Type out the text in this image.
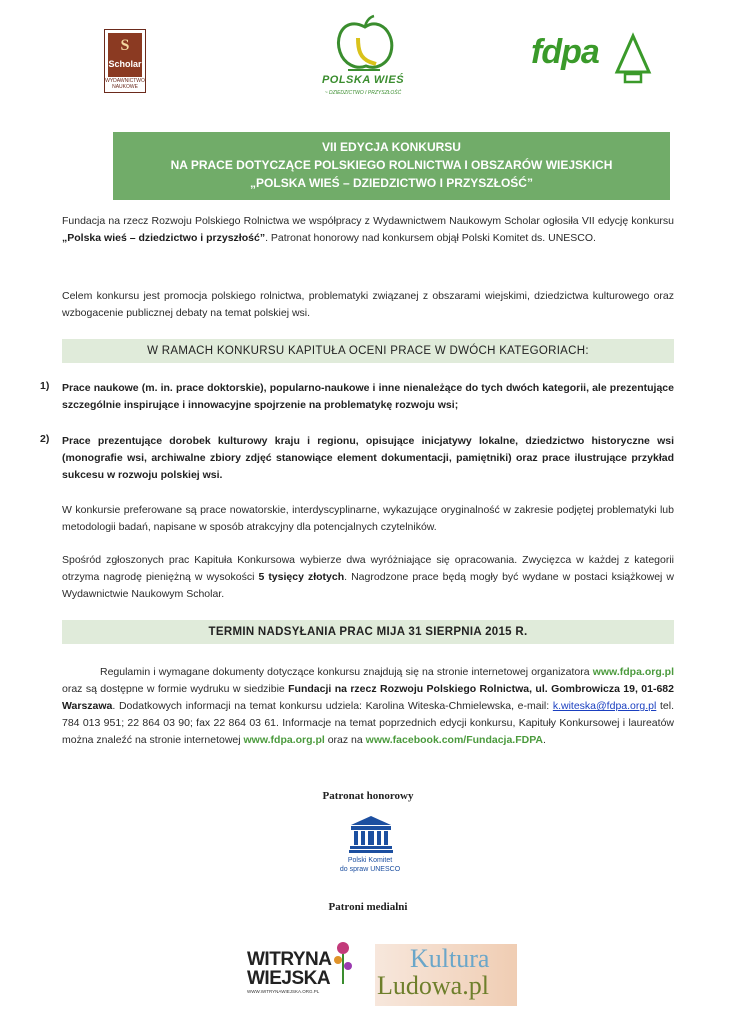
S
Scholar
WYDAWNICTWO NAUKOWE
POLSKA WIEŚ
~ DZIEDZICTWO I PRZYSZŁOŚĆ
fdpa
VII EDYCJA KONKURSU
NA PRACE DOTYCZĄCE POLSKIEGO ROLNICTWA I OBSZARÓW WIEJSKICH
„POLSKA WIEŚ – DZIEDZICTWO I PRZYSZŁOŚĆ”
Fundacja na rzecz Rozwoju Polskiego Rolnictwa we współpracy z Wydawnictwem Naukowym Scholar ogłosiła VII edycję konkursu „Polska wieś – dziedzictwo i przyszłość”. Patronat honorowy nad konkursem objął Polski Komitet ds. UNESCO.
Celem konkursu jest promocja polskiego rolnictwa, problematyki związanej z obszarami wiejskimi, dziedzictwa kulturowego oraz wzbogacenie publicznej debaty na temat polskiej wsi.
W RAMACH KONKURSU KAPITUŁA OCENI PRACE W DWÓCH KATEGORIACH:
1) Prace naukowe (m. in. prace doktorskie), popularno-naukowe i inne nienależące do tych dwóch kategorii, ale prezentujące szczególnie inspirujące i innowacyjne spojrzenie na problematykę rozwoju wsi;
2) Prace prezentujące dorobek kulturowy kraju i regionu, opisujące inicjatywy lokalne, dziedzictwo historyczne wsi (monografie wsi, archiwalne zbiory zdjęć stanowiące element dokumentacji, pamiętniki) oraz prace ilustrujące przykład sukcesu w rozwoju polskiej wsi.
W konkursie preferowane są prace nowatorskie, interdyscyplinarne, wykazujące oryginalność w zakresie podjętej problematyki lub metodologii badań, napisane w sposób atrakcyjny dla potencjalnych czytelników.
Spośród zgłoszonych prac Kapituła Konkursowa wybierze dwa wyróżniające się opracowania. Zwycięzca w każdej z kategorii otrzyma nagrodę pieniężną w wysokości 5 tysięcy złotych. Nagrodzone prace będą mogły być wydane w postaci książkowej w Wydawnictwie Naukowym Scholar.
TERMIN NADSYŁANIA PRAC MIJA 31 SIERPNIA 2015 R.
Regulamin i wymagane dokumenty dotyczące konkursu znajdują się na stronie internetowej organizatora www.fdpa.org.pl oraz są dostępne w formie wydruku w siedzibie Fundacji na rzecz Rozwoju Polskiego Rolnictwa, ul. Gombrowicza 19, 01-682 Warszawa. Dodatkowych informacji na temat konkursu udziela: Karolina Witeska-Chmielewska, e-mail: k.witeska@fdpa.org.pl tel. 784 013 951; 22 864 03 90; fax 22 864 03 61. Informacje na temat poprzednich edycji konkursu, Kapituły Konkursowej i laureatów można znaleźć na stronie internetowej www.fdpa.org.pl oraz na www.facebook.com/Fundacja.FDPA.
Patronat honorowy
Polski Komitet
do spraw UNESCO
Patroni medialni
WITRYNA
WIEJSKA
WWW.WITRYNAWIEJSKA.ORG.PL
Kultura
Ludowa.pl
